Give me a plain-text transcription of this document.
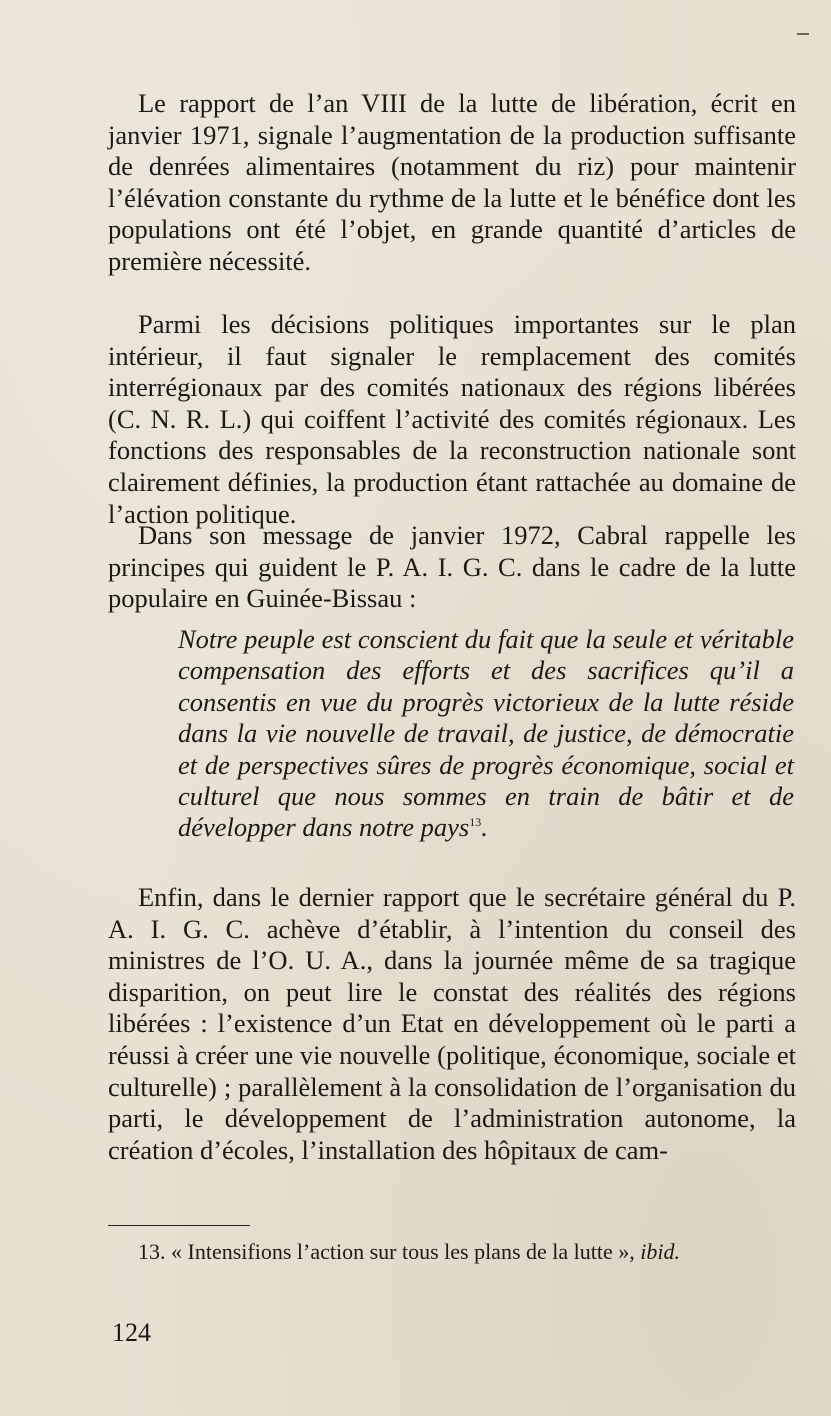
Le rapport de l’an VIII de la lutte de libération, écrit en janvier 1971, signale l’augmentation de la production suffisante de denrées alimentaires (notamment du riz) pour maintenir l’élévation constante du rythme de la lutte et le bénéfice dont les populations ont été l’objet, en grande quantité d’articles de première nécessité.
Parmi les décisions politiques importantes sur le plan intérieur, il faut signaler le remplacement des comités interrégionaux par des comités nationaux des régions libérées (C. N. R. L.) qui coiffent l’activité des comités régionaux. Les fonctions des responsables de la reconstruction nationale sont clairement définies, la production étant rattachée au domaine de l’action politique.
Dans son message de janvier 1972, Cabral rappelle les principes qui guident le P. A. I. G. C. dans le cadre de la lutte populaire en Guinée-Bissau :
Notre peuple est conscient du fait que la seule et véritable compensation des efforts et des sacrifices qu’il a consentis en vue du progrès victorieux de la lutte réside dans la vie nouvelle de travail, de justice, de démocratie et de perspectives sûres de progrès économique, social et culturel que nous sommes en train de bâtir et de développer dans notre pays$^{13}$.
Enfin, dans le dernier rapport que le secrétaire général du P. A. I. G. C. achève d’établir, à l’intention du conseil des ministres de l’O. U. A., dans la journée même de sa tragique disparition, on peut lire le constat des réalités des régions libérées : l’existence d’un Etat en développement où le parti a réussi à créer une vie nouvelle (politique, économique, sociale et culturelle) ; parallèlement à la consolidation de l’organisation du parti, le développement de l’administration autonome, la création d’écoles, l’installation des hôpitaux de cam-
13. « Intensifions l’action sur tous les plans de la lutte », ibid.
124
